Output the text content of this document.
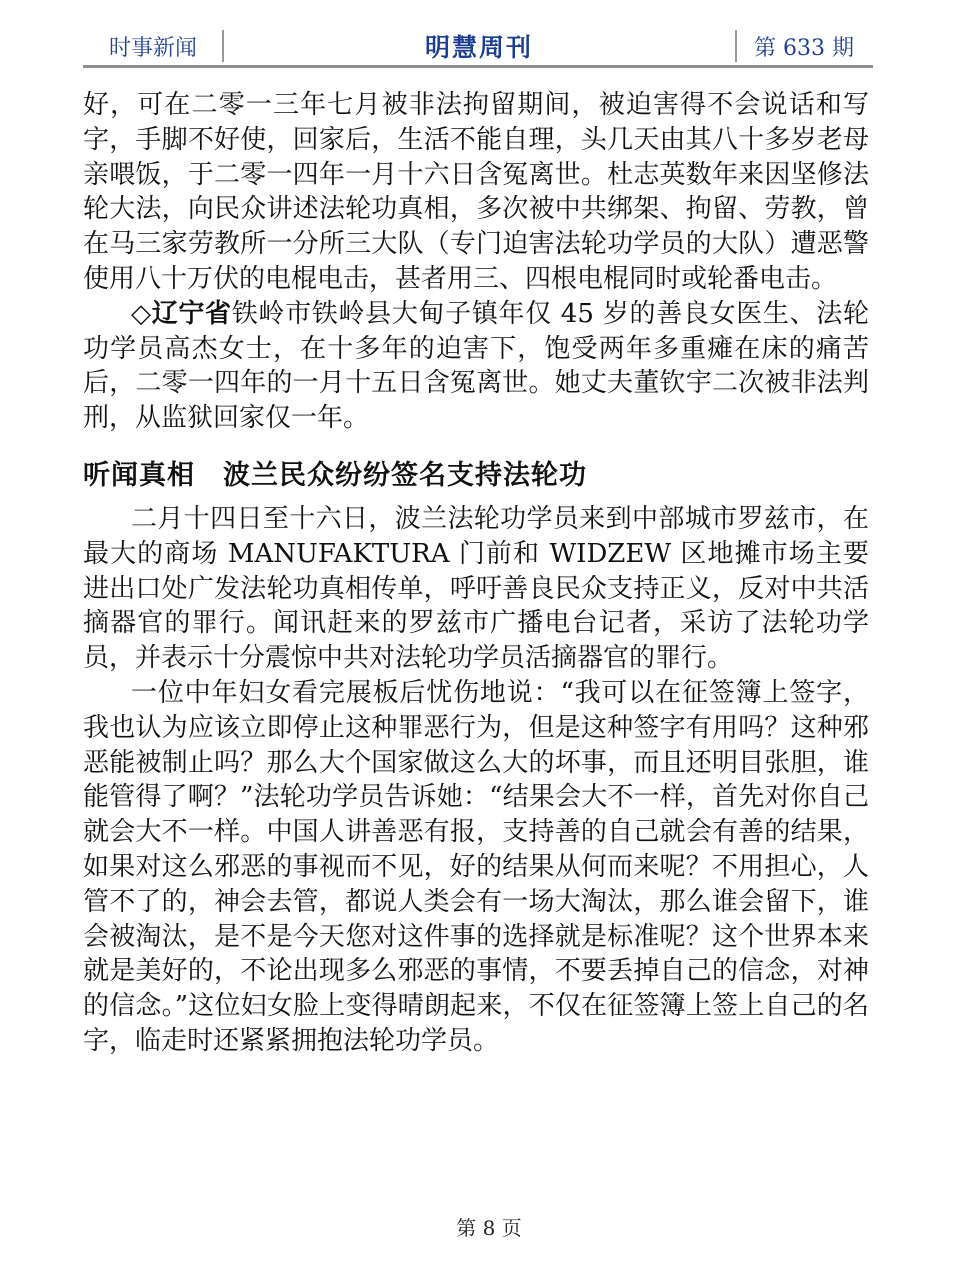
时事新闻	明慧周刊	第 633 期

好，可在二零一三年七月被非法拘留期间，被迫害得不会说话和写字，手脚不好使，回家后，生活不能自理，头几天由其八十多岁老母亲喂饭，于二零一四年一月十六日含冤离世。杜志英数年来因坚修法轮大法，向民众讲述法轮功真相，多次被中共绑架、拘留、劳教，曾在马三家劳教所一分所三大队（专门迫害法轮功学员的大队）遭恶警使用八十万伏的电棍电击，甚者用三、四根电棍同时或轮番电击。

◇辽宁省铁岭市铁岭县大甸子镇年仅 45 岁的善良女医生、法轮功学员高杰女士，在十多年的迫害下，饱受两年多重瘫在床的痛苦后，二零一四年的一月十五日含冤离世。她丈夫董钦宇二次被非法判刑，从监狱回家仅一年。

听闻真相　波兰民众纷纷签名支持法轮功

二月十四日至十六日，波兰法轮功学员来到中部城市罗兹市，在最大的商场 MANUFAKTURA 门前和 WIDZEW 区地摊市场主要进出口处广发法轮功真相传单，呼吁善良民众支持正义，反对中共活摘器官的罪行。闻讯赶来的罗兹市广播电台记者，采访了法轮功学员，并表示十分震惊中共对法轮功学员活摘器官的罪行。

一位中年妇女看完展板后忧伤地说：“我可以在征签簿上签字，我也认为应该立即停止这种罪恶行为，但是这种签字有用吗？这种邪恶能被制止吗？那么大个国家做这么大的坏事，而且还明目张胆，谁能管得了啊？”法轮功学员告诉她：“结果会大不一样，首先对你自己就会大不一样。中国人讲善恶有报，支持善的自己就会有善的结果，如果对这么邪恶的事视而不见，好的结果从何而来呢？不用担心，人管不了的，神会去管，都说人类会有一场大淘汰，那么谁会留下，谁会被淘汰，是不是今天您对这件事的选择就是标准呢？这个世界本来就是美好的，不论出现多么邪恶的事情，不要丢掉自己的信念，对神的信念。”这位妇女脸上变得晴朗起来，不仅在征签簿上签上自己的名字，临走时还紧紧拥抱法轮功学员。

第 8 页
